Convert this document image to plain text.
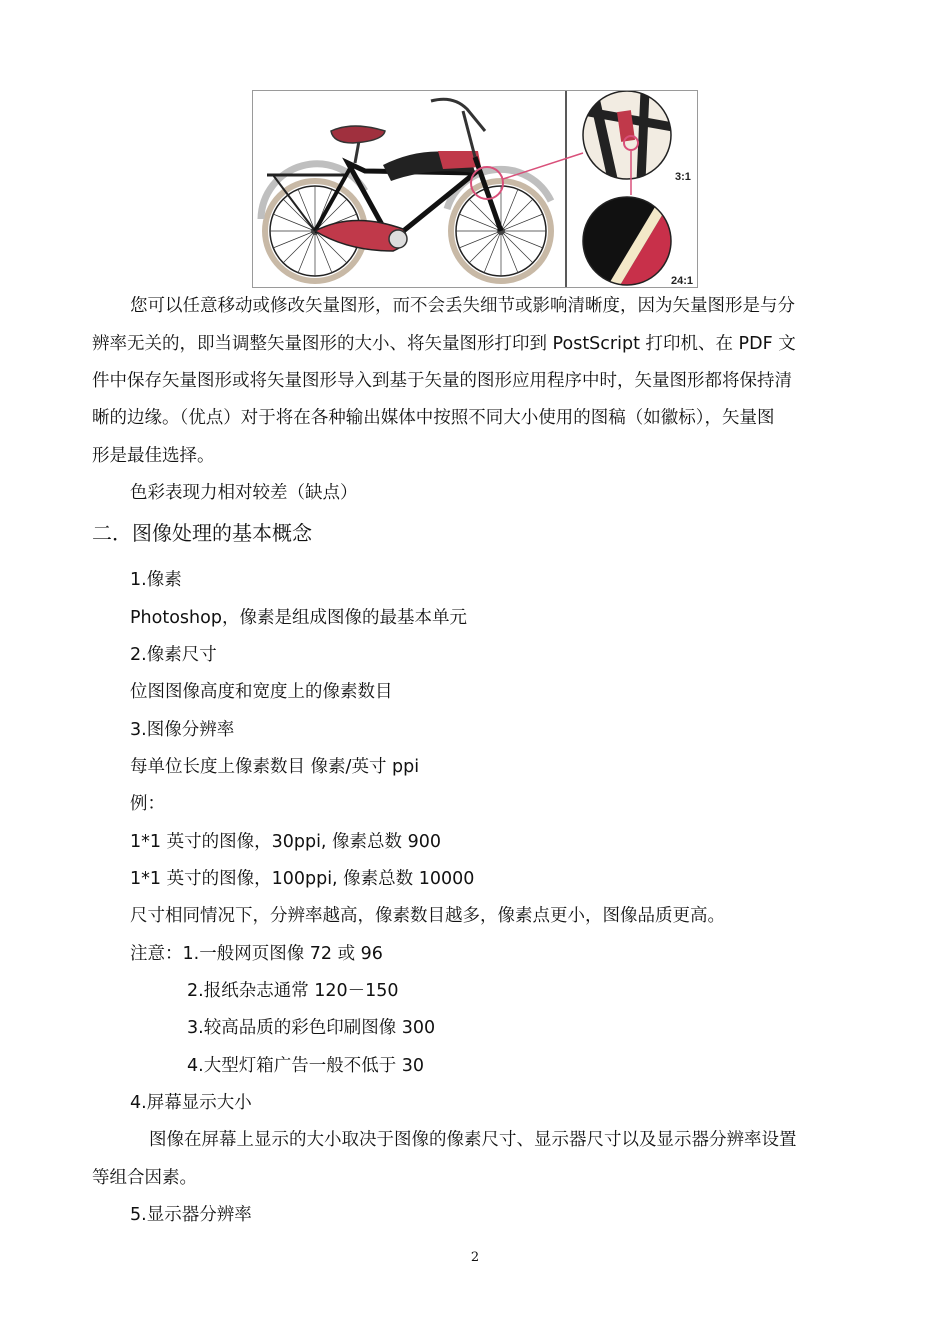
3:1
24:1
您可以任意移动或修改矢量图形，而不会丢失细节或影响清晰度，因为矢量图形是与分
辨率无关的，即当调整矢量图形的大小、将矢量图形打印到 PostScript 打印机、在 PDF 文
件中保存矢量图形或将矢量图形导入到基于矢量的图形应用程序中时，矢量图形都将保持清
晰的边缘。（优点）对于将在各种输出媒体中按照不同大小使用的图稿（如徽标），矢量图
形是最佳选择。
色彩表现力相对较差（缺点）
二．图像处理的基本概念
1.像素
Photoshop，像素是组成图像的最基本单元
2.像素尺寸
位图图像高度和宽度上的像素数目
3.图像分辨率
每单位长度上像素数目 像素/英寸 ppi
例：
1*1 英寸的图像，30ppi, 像素总数 900
1*1 英寸的图像，100ppi, 像素总数 10000
尺寸相同情况下，分辨率越高，像素数目越多，像素点更小，图像品质更高。
注意：1.一般网页图像 72 或 96
2.报纸杂志通常 120－150
3.较高品质的彩色印刷图像 300
4.大型灯箱广告一般不低于 30
4.屏幕显示大小
图像在屏幕上显示的大小取决于图像的像素尺寸、显示器尺寸以及显示器分辨率设置
等组合因素。
5.显示器分辨率
2
